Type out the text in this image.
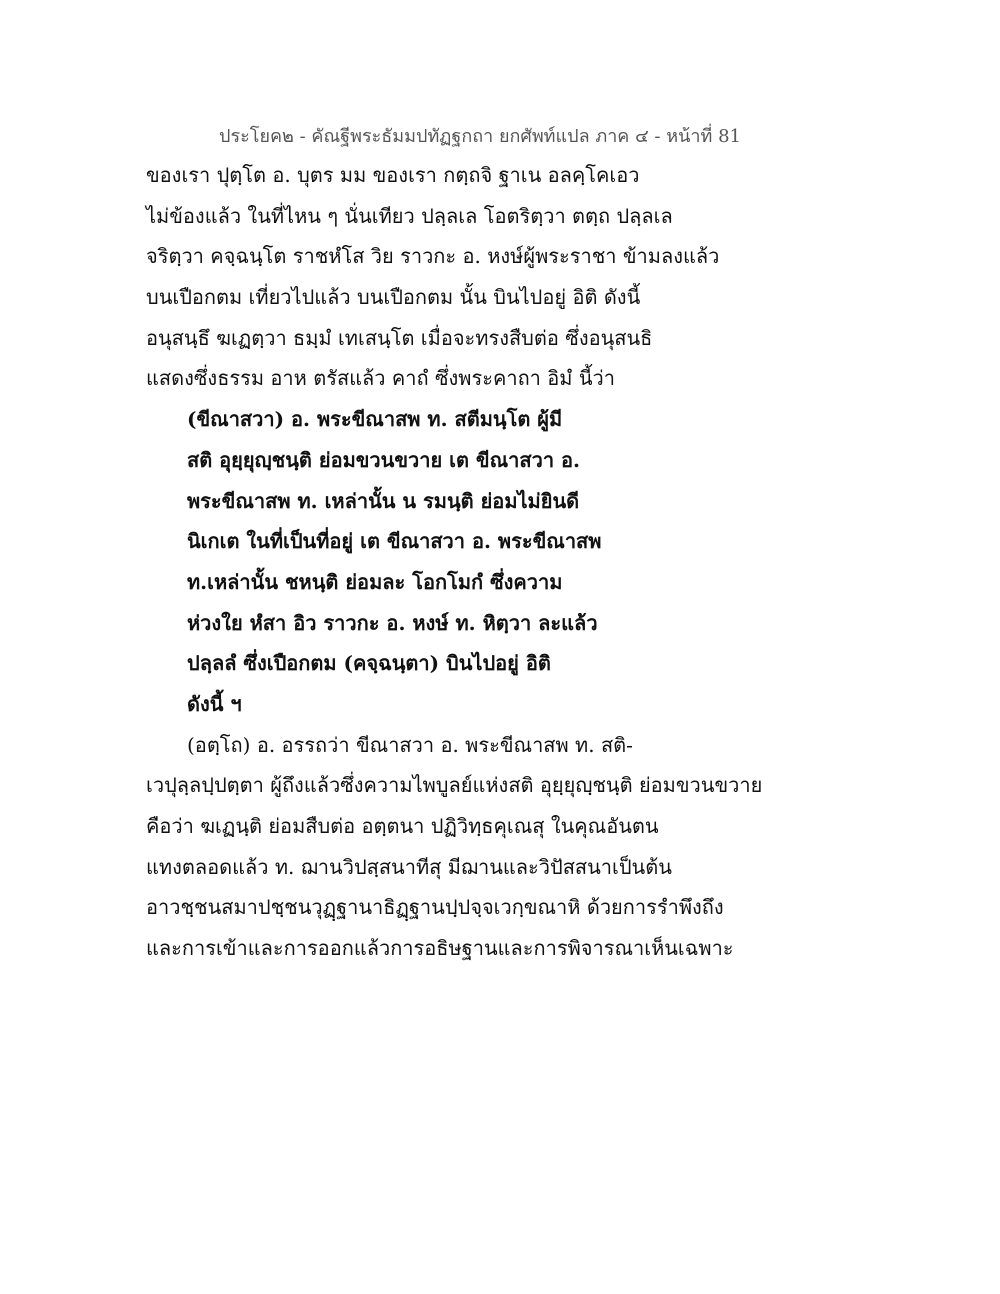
ประโยค๒ - คัณฐีพระธัมมปทัฏฐกถา ยกศัพท์แปล ภาค ๔ - หน้าที่ 81
ของเรา ปุตฺโต อ. บุตร มม ของเรา กตฺถจิ ฐาเน อลคฺโคเอว
ไม่ข้องแล้ว ในที่ไหน ๆ นั่นเทียว ปลฺลเล โอตริตฺวา ตตฺถ ปลฺลเล
จริตฺวา คจฺฉนฺโต ราชหํโส วิย ราวกะ อ. หงษ์ผู้พระราชา ข้ามลงแล้ว
บนเปือกตม เที่ยวไปแล้ว บนเปือกตม นั้น บินไปอยู่ อิติ ดังนี้
อนุสนฺธึ ฆเฏตฺวา ธมฺมํ เทเสนฺโต เมื่อจะทรงสืบต่อ ซึ่งอนุสนธิ
แสดงซึ่งธรรม อาห ตรัสแล้ว คาถํ ซึ่งพระคาถา อิมํ นี้ว่า
(ขีณาสวา) อ. พระขีณาสพ ท. สตีมนฺโต ผู้มี
สติ อุยฺยุญฺชนฺติ ย่อมขวนขวาย เต ขีณาสวา อ.
พระขีณาสพ ท. เหล่านั้น น รมนฺติ ย่อมไม่ยินดี
นิเกเต ในที่เป็นที่อยู่ เต ขีณาสวา อ. พระขีณาสพ
ท.เหล่านั้น ชหนฺติ ย่อมละ โอกโมกํ ซึ่งความ
ห่วงใย หํสา อิว ราวกะ อ. หงษ์ ท. หิตฺวา ละแล้ว
ปลฺลลํ ซึ่งเปือกตม (คจฺฉนฺตา) บินไปอยู่ อิติ
ดังนี้ ฯ
(อตฺโถ) อ. อรรถว่า ขีณาสวา อ. พระขีณาสพ ท. สติ-
เวปุลฺลปฺปตฺตา ผู้ถึงแล้วซึ่งความไพบูลย์แห่งสติ อุยฺยุญฺชนฺติ ย่อมขวนขวาย
คือว่า ฆเฏนฺติ ย่อมสืบต่อ อตฺตนา ปฏิวิทฺธคุเณสุ ในคุณอันตน
แทงตลอดแล้ว ท. ฌานวิปสฺสนาทีสุ มีฌานและวิปัสสนาเป็นต้น
อาวชฺชนสมาปชฺชนวุฏฺฐานาธิฏฺฐานปฺปจฺจเวกฺขณาหิ ด้วยการรำพึงถึง
และการเข้าและการออกแล้วการอธิษฐานและการพิจารณาเห็นเฉพาะ
